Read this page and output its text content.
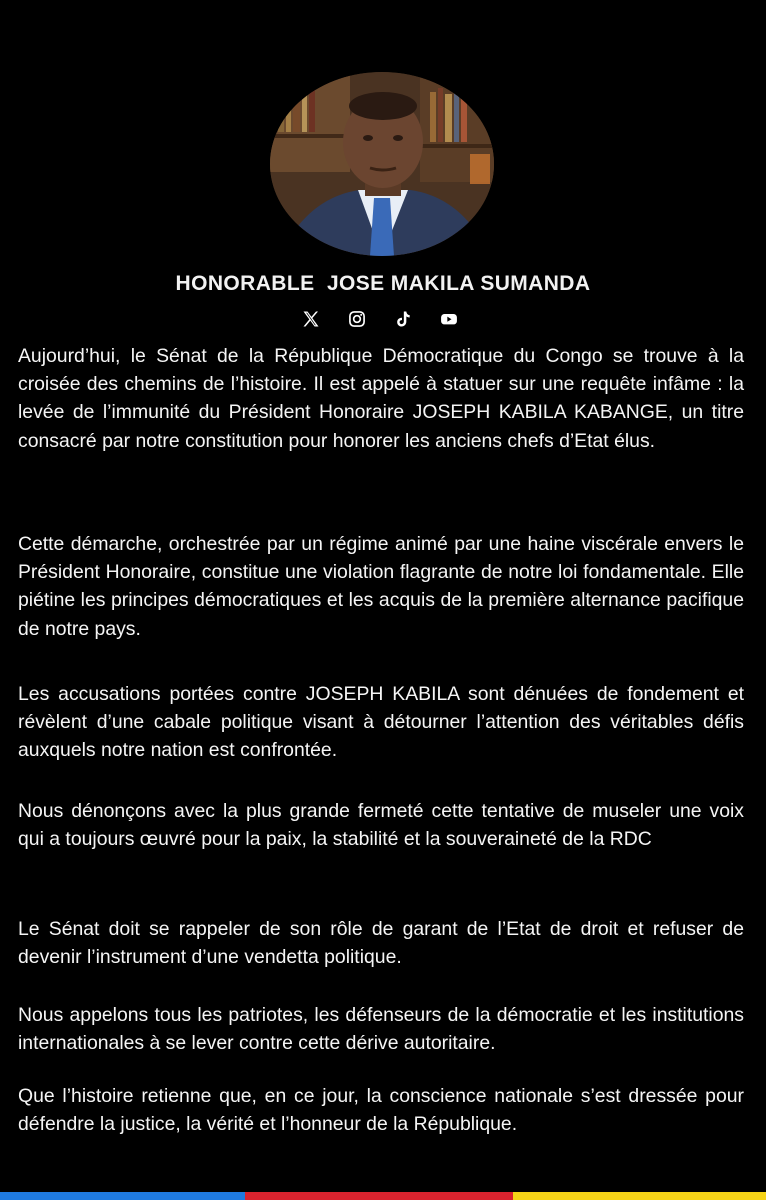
HONORABLE  JOSE MAKILA SUMANDA

Aujourd’hui, le Sénat de la République Démocratique du Congo se trouve à la croisée des chemins de l’histoire. Il est appelé à statuer sur une requête infâme : la levée de l’immunité du Président Honoraire JOSEPH KABILA KABANGE, un titre consacré par notre constitution pour honorer les anciens chefs d’Etat élus.

Cette démarche, orchestrée par un régime animé par une haine viscérale envers le Président Honoraire, constitue une violation flagrante de notre loi fondamentale. Elle piétine les principes démocratiques et les acquis de la première alternance pacifique de notre pays.

Les accusations portées contre JOSEPH KABILA sont dénuées de fondement et révèlent d’une cabale politique visant à détourner l’attention des véritables défis auxquels notre nation est confrontée.

Nous dénonçons avec la plus grande fermeté cette tentative de museler une voix qui a toujours œuvré pour la paix, la stabilité et la souveraineté de la RDC

Le Sénat doit se rappeler de son rôle de garant de l’Etat de droit et refuser de devenir l’instrument d’une vendetta politique.

Nous appelons tous les patriotes, les défenseurs de la démocratie et les institutions internationales à se lever contre cette dérive autoritaire.

Que l’histoire retienne que, en ce jour, la conscience nationale s’est dressée pour défendre la justice, la vérité et l’honneur de la République.
